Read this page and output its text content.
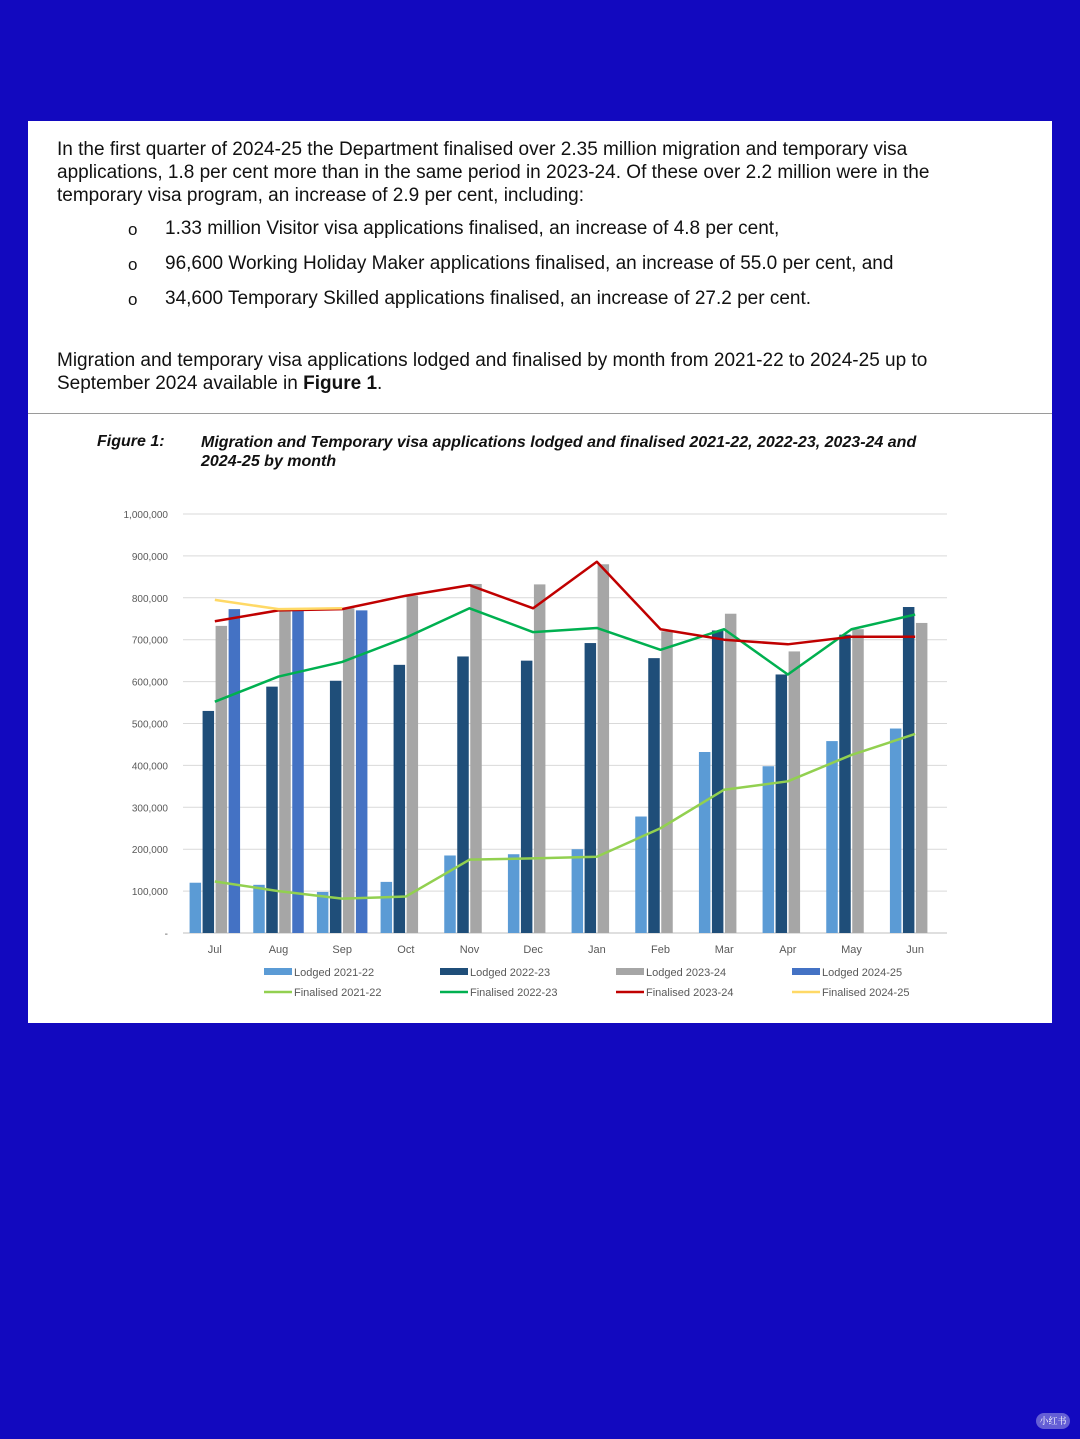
In the first quarter of 2024-25 the Department finalised over 2.35 million migration and temporary visa applications, 1.8 per cent more than in the same period in 2023-24. Of these over 2.2 million were in the temporary visa program, an increase of 2.9 per cent, including:

o 1.33 million Visitor visa applications finalised, an increase of 4.8 per cent,
o 96,600 Working Holiday Maker applications finalised, an increase of 55.0 per cent, and
o 34,600 Temporary Skilled applications finalised, an increase of 27.2 per cent.
Migration and temporary visa applications lodged and finalised by month from 2021-22 to 2024-25 up to September 2024 available in Figure 1.
Figure 1: Migration and Temporary visa applications lodged and finalised 2021-22, 2022-23, 2023-24 and 2024-25 by month
-
100,000
200,000
300,000
400,000
500,000
600,000
700,000
800,000
900,000
1,000,000
Jul	Aug	Sep	Oct	Nov	Dec	Jan	Feb	Mar	Apr	May	Jun
Lodged 2021-22	Lodged 2022-23	Lodged 2023-24	Lodged 2024-25
Finalised 2021-22	Finalised 2022-23	Finalised 2023-24	Finalised 2024-25
小红书
